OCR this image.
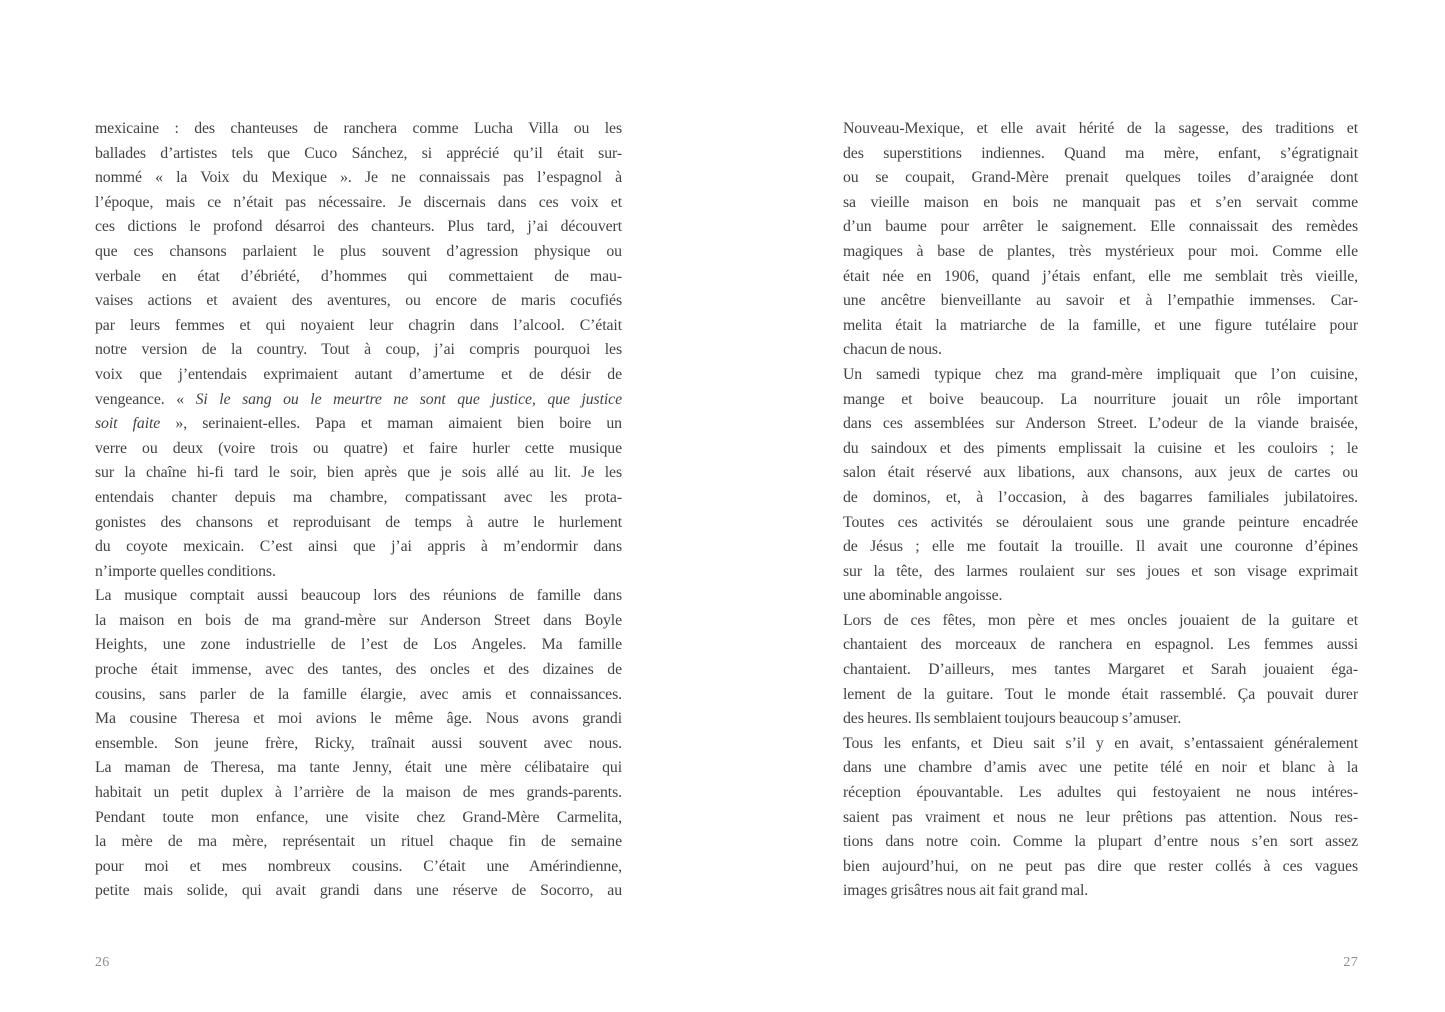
mexicaine : des chanteuses de ranchera comme Lucha Villa ou les
ballades d’artistes tels que Cuco Sánchez, si apprécié qu’il était sur-
nommé « la Voix du Mexique ». Je ne connaissais pas l’espagnol à
l’époque, mais ce n’était pas nécessaire. Je discernais dans ces voix et
ces dictions le profond désarroi des chanteurs. Plus tard, j’ai découvert
que ces chansons parlaient le plus souvent d’agression physique ou
verbale en état d’ébriété, d’hommes qui commettaient de mau-
vaises actions et avaient des aventures, ou encore de maris cocufiés
par leurs femmes et qui noyaient leur chagrin dans l’alcool. C’était
notre version de la country. Tout à coup, j’ai compris pourquoi les
voix que j’entendais exprimaient autant d’amertume et de désir de
vengeance. « Si le sang ou le meurtre ne sont que justice, que justice
soit faite », serinaient-elles. Papa et maman aimaient bien boire un
verre ou deux (voire trois ou quatre) et faire hurler cette musique
sur la chaîne hi-fi tard le soir, bien après que je sois allé au lit. Je les
entendais chanter depuis ma chambre, compatissant avec les prota-
gonistes des chansons et reproduisant de temps à autre le hurlement
du coyote mexicain. C’est ainsi que j’ai appris à m’endormir dans
n’importe quelles conditions.
La musique comptait aussi beaucoup lors des réunions de famille dans
la maison en bois de ma grand-mère sur Anderson Street dans Boyle
Heights, une zone industrielle de l’est de Los Angeles. Ma famille
proche était immense, avec des tantes, des oncles et des dizaines de
cousins, sans parler de la famille élargie, avec amis et connaissances.
Ma cousine Theresa et moi avions le même âge. Nous avons grandi
ensemble. Son jeune frère, Ricky, traînait aussi souvent avec nous.
La maman de Theresa, ma tante Jenny, était une mère célibataire qui
habitait un petit duplex à l’arrière de la maison de mes grands-parents.
Pendant toute mon enfance, une visite chez Grand-Mère Carmelita,
la mère de ma mère, représentait un rituel chaque fin de semaine
pour moi et mes nombreux cousins. C’était une Amérindienne,
petite mais solide, qui avait grandi dans une réserve de Socorro, au
26
Nouveau-Mexique, et elle avait hérité de la sagesse, des traditions et
des superstitions indiennes. Quand ma mère, enfant, s’égratignait
ou se coupait, Grand-Mère prenait quelques toiles d’araignée dont
sa vieille maison en bois ne manquait pas et s’en servait comme
d’un baume pour arrêter le saignement. Elle connaissait des remèdes
magiques à base de plantes, très mystérieux pour moi. Comme elle
était née en 1906, quand j’étais enfant, elle me semblait très vieille,
une ancêtre bienveillante au savoir et à l’empathie immenses. Car-
melita était la matriarche de la famille, et une figure tutélaire pour
chacun de nous.
Un samedi typique chez ma grand-mère impliquait que l’on cuisine,
mange et boive beaucoup. La nourriture jouait un rôle important
dans ces assemblées sur Anderson Street. L’odeur de la viande braisée,
du saindoux et des piments emplissait la cuisine et les couloirs ; le
salon était réservé aux libations, aux chansons, aux jeux de cartes ou
de dominos, et, à l’occasion, à des bagarres familiales jubilatoires.
Toutes ces activités se déroulaient sous une grande peinture encadrée
de Jésus ; elle me foutait la trouille. Il avait une couronne d’épines
sur la tête, des larmes roulaient sur ses joues et son visage exprimait
une abominable angoisse.
Lors de ces fêtes, mon père et mes oncles jouaient de la guitare et
chantaient des morceaux de ranchera en espagnol. Les femmes aussi
chantaient. D’ailleurs, mes tantes Margaret et Sarah jouaient éga-
lement de la guitare. Tout le monde était rassemblé. Ça pouvait durer
des heures. Ils semblaient toujours beaucoup s’amuser.
Tous les enfants, et Dieu sait s’il y en avait, s’entassaient généralement
dans une chambre d’amis avec une petite télé en noir et blanc à la
réception épouvantable. Les adultes qui festoyaient ne nous intéres-
saient pas vraiment et nous ne leur prêtions pas attention. Nous res-
tions dans notre coin. Comme la plupart d’entre nous s’en sort assez
bien aujourd’hui, on ne peut pas dire que rester collés à ces vagues
images grisâtres nous ait fait grand mal.
27
